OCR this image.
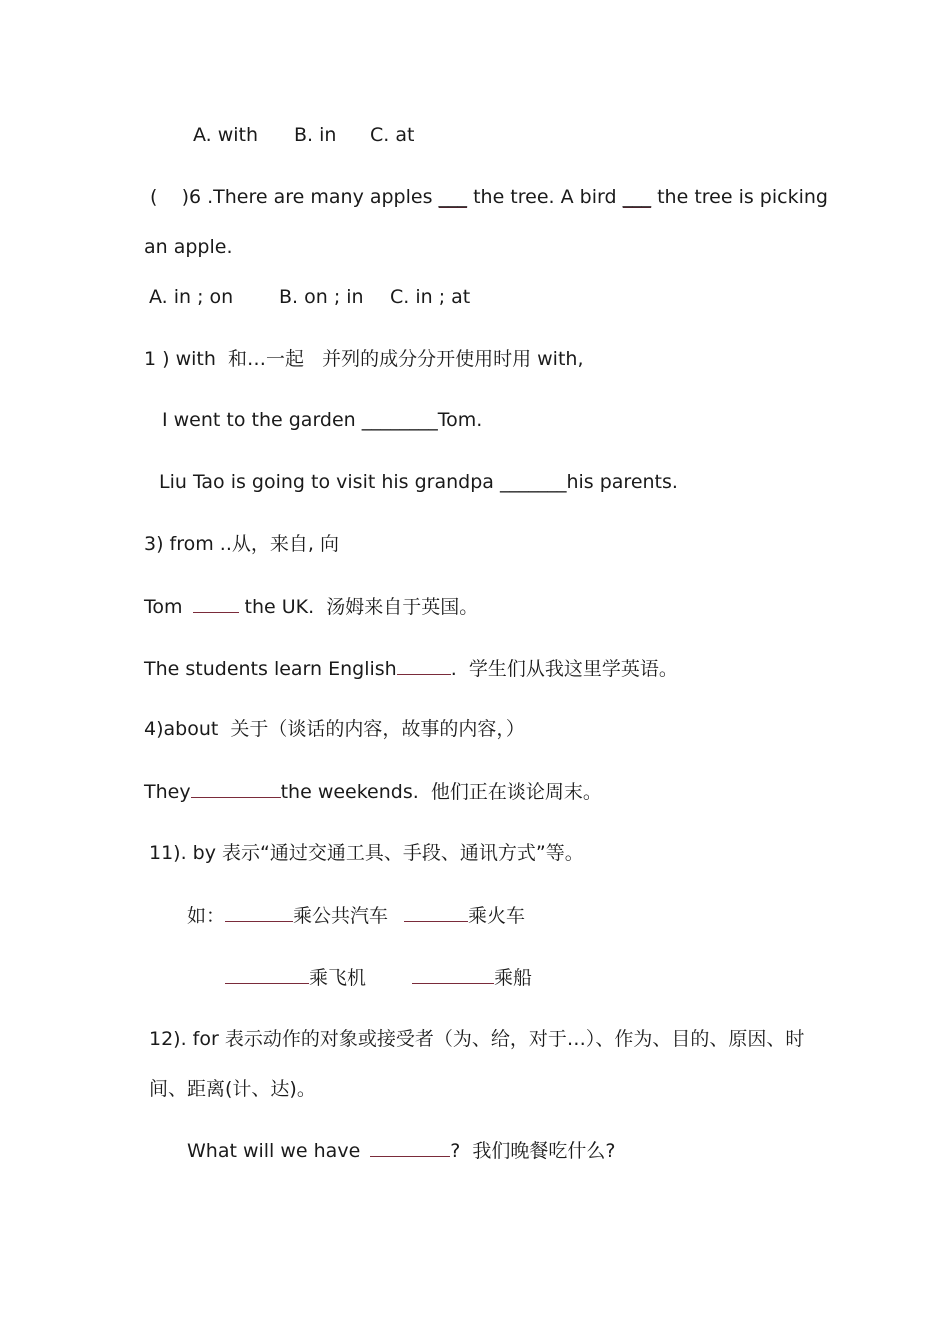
A. with B. in C. at
(    )6 .There are many apples ___ the tree. A bird ___ the tree is picking
an apple.
A. in ; on B. on ; in C. in ; at
1 ) with  和…一起   并列的成分分开使用时用 with,
I went to the garden ________Tom.
Liu Tao is going to visit his grandpa _______his parents.
3) from ..从，来自, 向
Tom	the UK.  汤姆来自于英国。
The students learn English	.  学生们从我这里学英语。
4)about  关于（谈话的内容，故事的内容，）
They	the weekends.  他们正在谈论周末。
11). by 表示“通过交通工具、手段、通讯方式”等。
如：	乘公共汽车	乘火车
乘飞机	乘船
12). for 表示动作的对象或接受者（为、给，对于…）、作为、目的、原因、时
间、距离(计、达)。
What will we have	?  我们晚餐吃什么?
